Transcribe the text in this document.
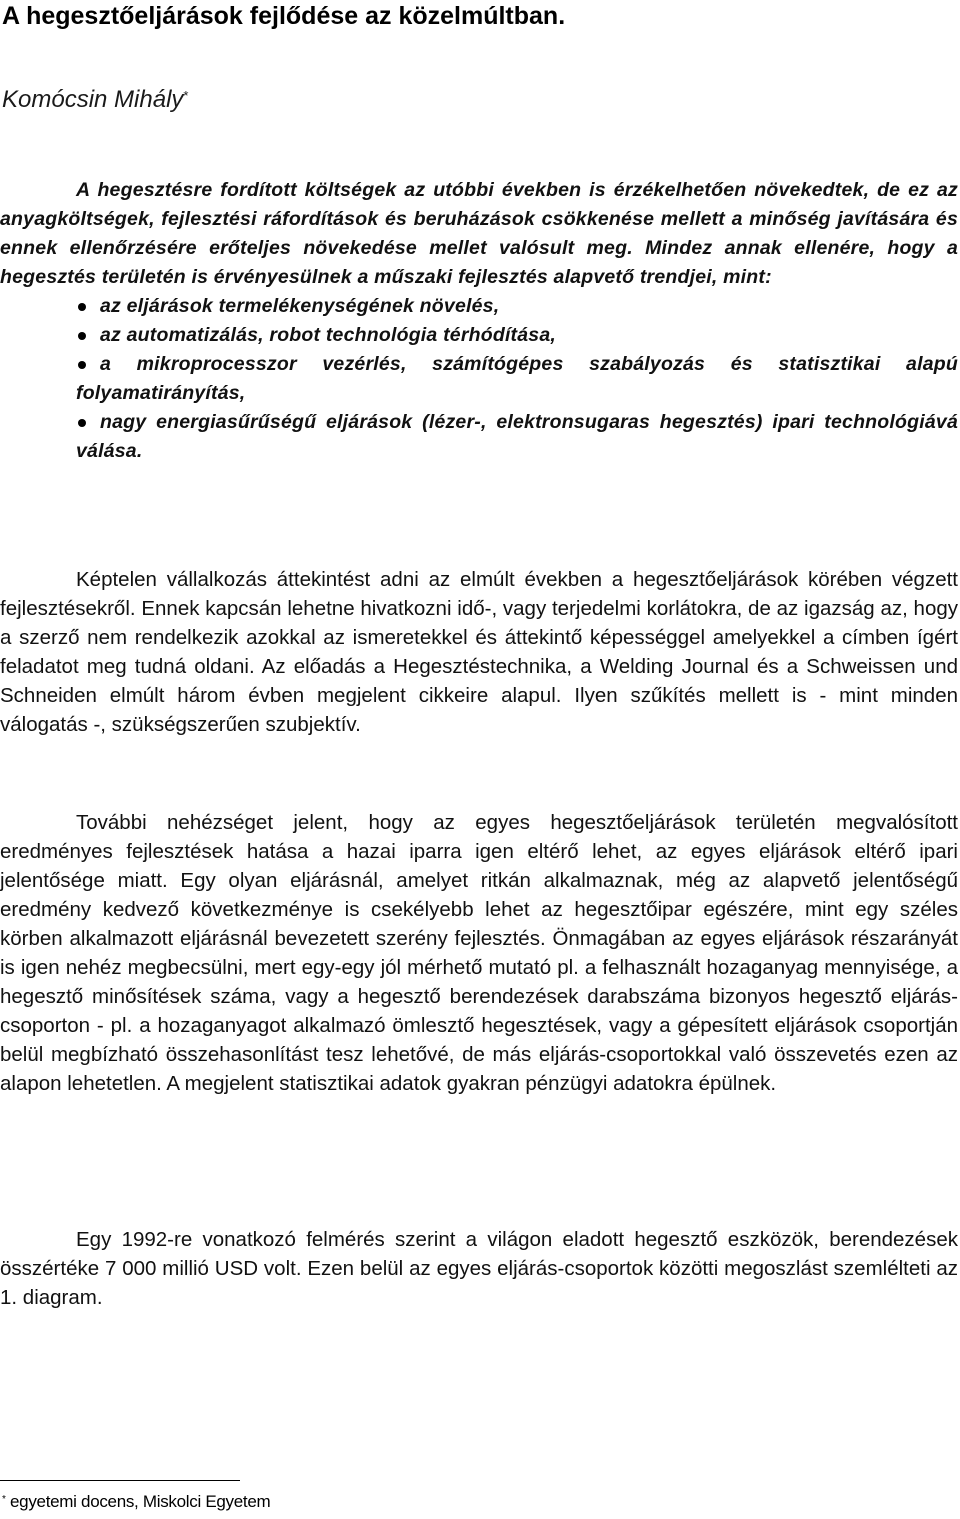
A hegesztőeljárások fejlődése az közelmúltban.
Komócsin Mihály*

A hegesztésre fordított költségek az utóbbi években is érzékelhetően növekedtek, de ez az anyagköltségek, fejlesztési ráfordítások és beruházások csökkenése mellett a minőség javítására és ennek ellenőrzésére erőteljes növekedése mellet valósult meg. Mindez annak ellenére, hogy a hegesztés területén is érvényesülnek a műszaki fejlesztés alapvető trendjei, mint:

az eljárások termelékenységének növelés,
az automatizálás, robot technológia térhódítása,
a mikroprocesszor vezérlés, számítógépes szabályozás és statisztikai alapú folyamatirányítás,
nagy energiasűrűségű eljárások (lézer-, elektronsugaras hegesztés) ipari technológiává válása.

Képtelen vállalkozás áttekintést adni az elmúlt években a hegesztőeljárások körében végzett fejlesztésekről. Ennek kapcsán lehetne hivatkozni idő-, vagy terjedelmi korlátokra, de az igazság az, hogy a szerző nem rendelkezik azokkal az ismeretekkel és áttekintő képességgel amelyekkel a címben ígért feladatot meg tudná oldani. Az előadás a Hegesztéstechnika, a Welding Journal és a Schweissen und Schneiden elmúlt három évben megjelent cikkeire alapul. Ilyen szűkítés mellett is - mint minden válogatás -, szükségszerűen szubjektív.

További nehézséget jelent, hogy az egyes hegesztőeljárások területén megvalósított eredményes fejlesztések hatása a hazai iparra igen eltérő lehet, az egyes eljárások eltérő ipari jelentősége miatt. Egy olyan eljárásnál, amelyet ritkán alkalmaznak, még az alapvető jelentőségű eredmény kedvező következménye is csekélyebb lehet az hegesztőipar egészére, mint egy széles körben alkalmazott eljárásnál bevezetett szerény fejlesztés. Önmagában az egyes eljárások részarányát is igen nehéz megbecsülni, mert egy-egy jól mérhető mutató pl. a felhasznált hozaganyag mennyisége, a hegesztő minősítések száma, vagy a hegesztő berendezések darabszáma bizonyos hegesztő eljárás-csoporton - pl. a hozaganyagot alkalmazó ömlesztő hegesztések, vagy a gépesített eljárások csoportján belül megbízható összehasonlítást tesz lehetővé, de más eljárás-csoportokkal való összevetés ezen az alapon lehetetlen. A megjelent statisztikai adatok gyakran pénzügyi adatokra épülnek.

Egy 1992-re vonatkozó felmérés szerint a világon eladott hegesztő eszközök, berendezések összértéke 7 000 millió USD volt. Ezen belül az egyes eljárás-csoportok közötti megoszlást szemlélteti az 1. diagram.

* egyetemi docens, Miskolci Egyetem
